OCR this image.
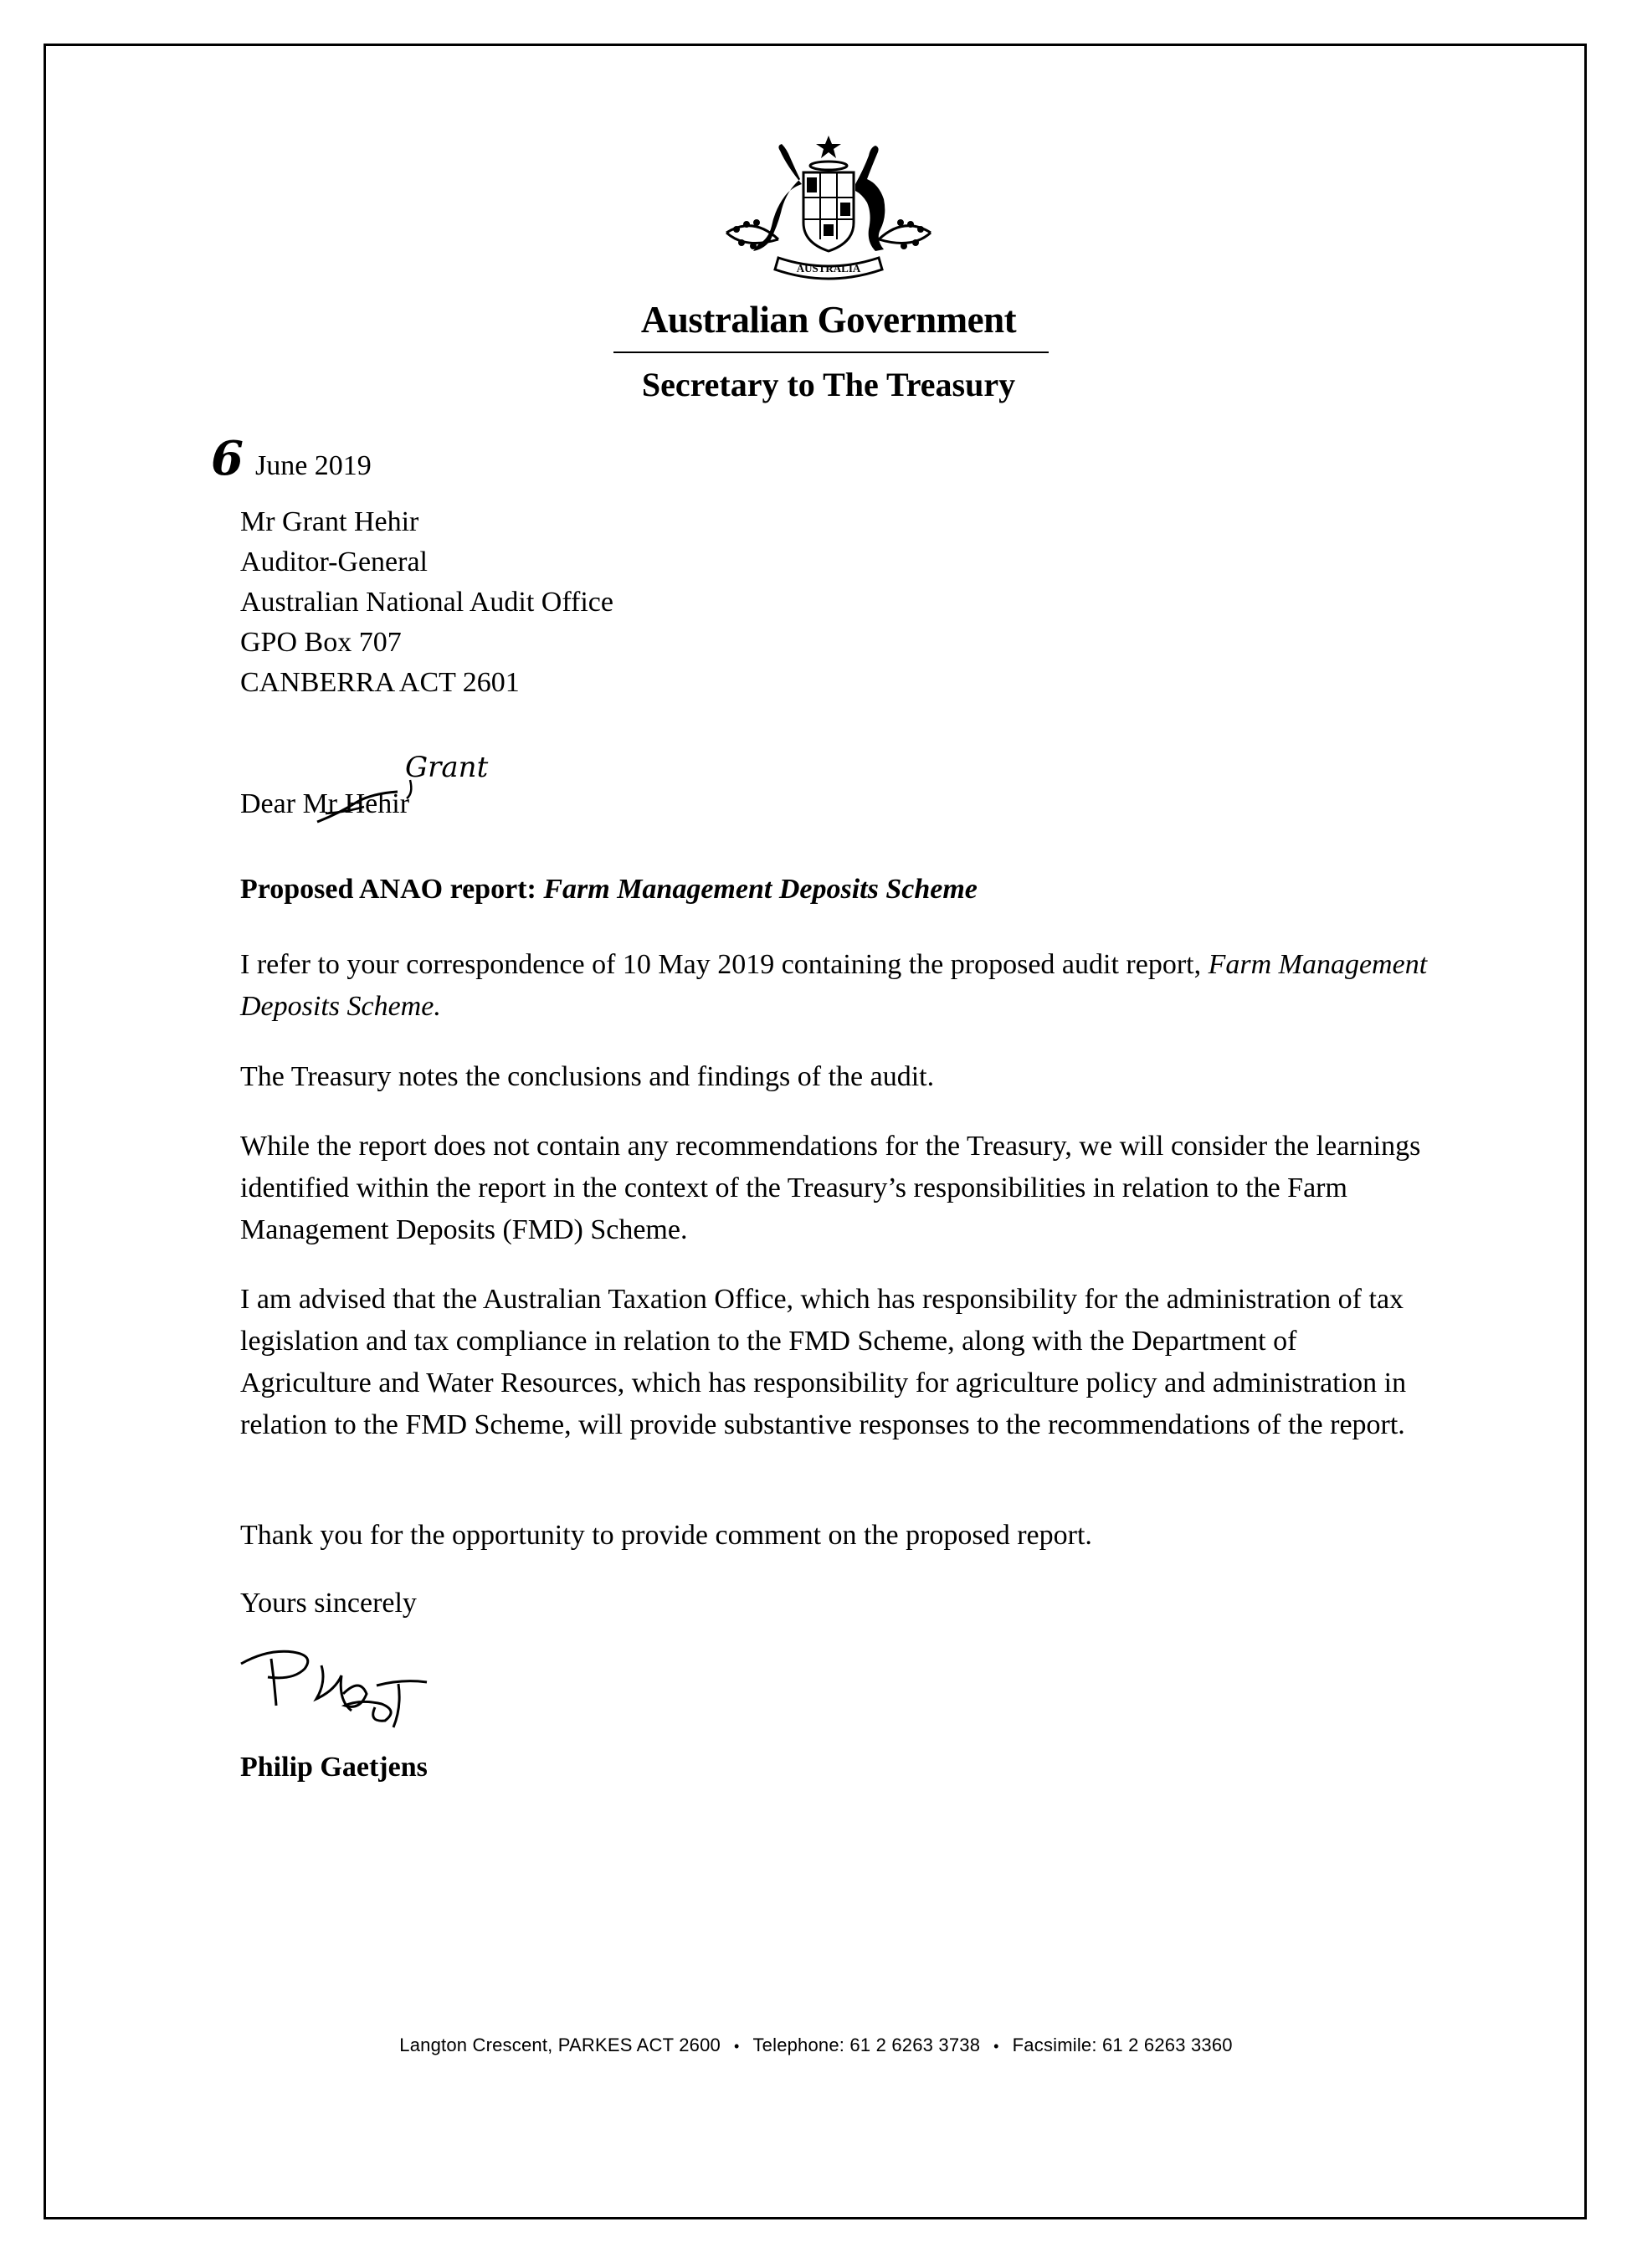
AUSTRALIA
Australian Government
Secretary to The Treasury
6 June 2019
Mr Grant Hehir
Auditor-General
Australian National Audit Office
GPO Box 707
CANBERRA ACT 2601
Dear Mr Hehir
Grant
Proposed ANAO report: Farm Management Deposits Scheme
I refer to your correspondence of 10 May 2019 containing the proposed audit report, Farm Management Deposits Scheme.
The Treasury notes the conclusions and findings of the audit.
While the report does not contain any recommendations for the Treasury, we will consider the learnings identified within the report in the context of the Treasury’s responsibilities in relation to the Farm Management Deposits (FMD) Scheme.
I am advised that the Australian Taxation Office, which has responsibility for the administration of tax legislation and tax compliance in relation to the FMD Scheme, along with the Department of Agriculture and Water Resources, which has responsibility for agriculture policy and administration in relation to the FMD Scheme, will provide substantive responses to the recommendations of the report.
Thank you for the opportunity to provide comment on the proposed report.
Yours sincerely
Philip Gaetjens
Langton Crescent, PARKES ACT 2600 • Telephone: 61 2 6263 3738 • Facsimile: 61 2 6263 3360
